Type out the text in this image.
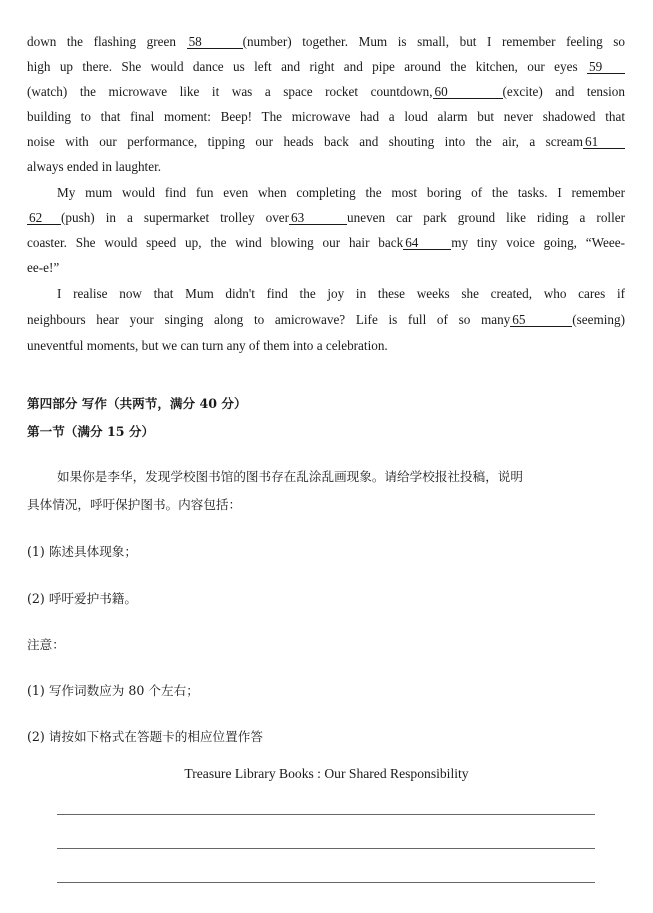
down the flashing green 58	(number) together. Mum is small, but I remember feeling so
high up there. She would dance us left and right and pipe around the kitchen, our eyes 59
(watch) the microwave like it was a space rocket countdown, 60	(excite) and tension
building to that final moment: Beep! The microwave had a loud alarm but never shadowed that
noise with our performance, tipping our heads back and shouting into the air, a scream 61
always ended in laughter.
My mum would find fun even when completing the most boring of the tasks. I remember
62 (push) in a supermarket trolley over 63	uneven car park ground like riding a roller
coaster. She would speed up, the wind blowing our hair back 64 my tiny voice going, “Weee-
ee-e!”
I realise now that Mum didn't find the joy in these weeks she created, who cares if
neighbours hear your singing along to amicrowave? Life is full of so many 65	(seeming)
uneventful moments, but we can turn any of them into a celebration.
第四部分 写作（共两节，满分 40 分）
第一节（满分 15 分）
如果你是李华，发现学校图书馆的图书存在乱涂乱画现象。请给学校报社投稿，说明
具体情况，呼吁保护图书。内容包括：
(1) 陈述具体现象；
(2) 呼吁爱护书籍。
注意：
(1) 写作词数应为 80 个左右；
(2) 请按如下格式在答题卡的相应位置作答
Treasure Library Books : Our Shared Responsibility
